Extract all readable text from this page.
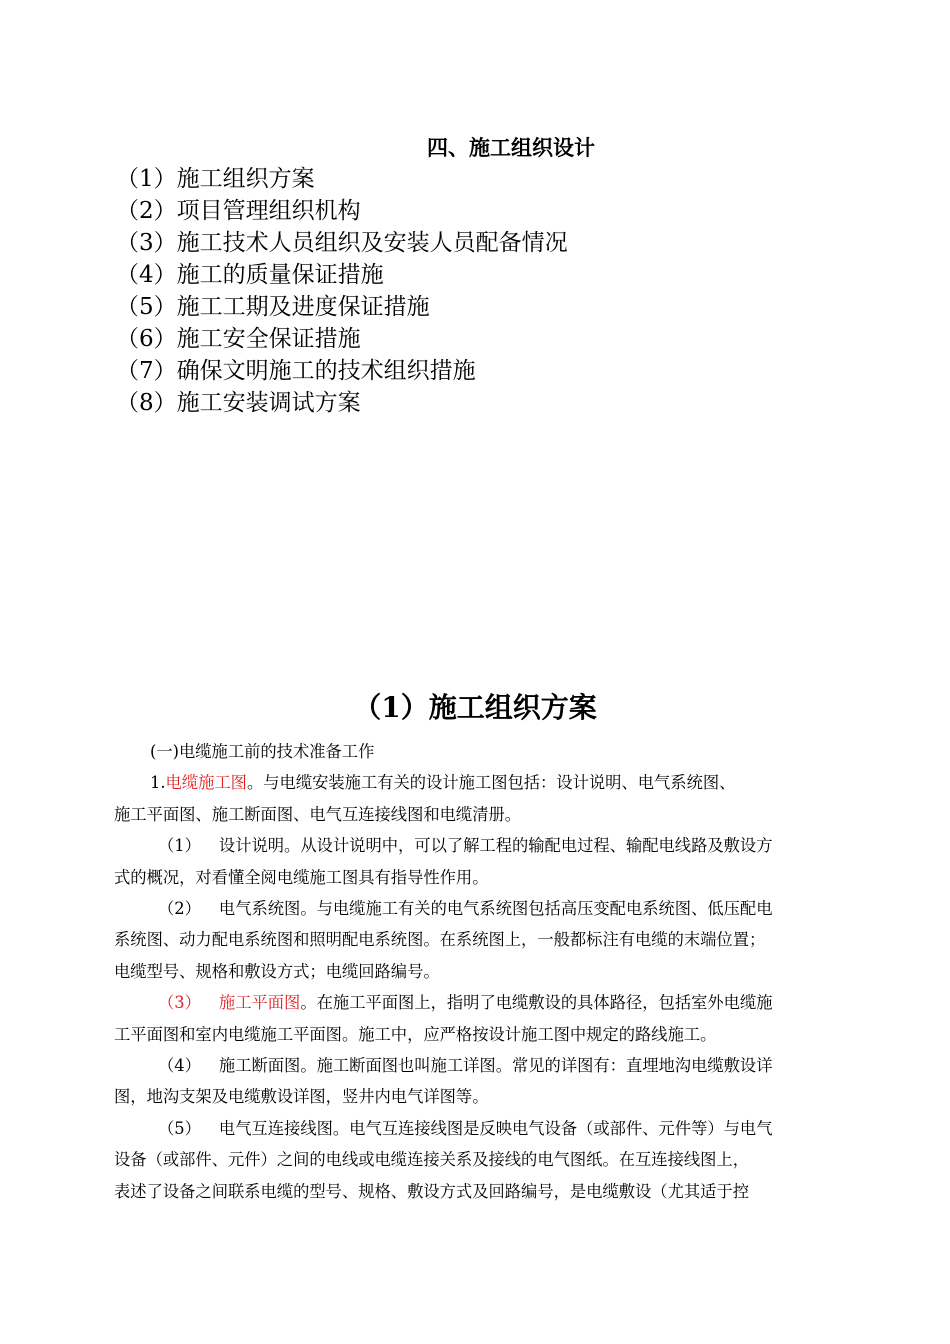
四、施工组织设计
（1）施工组织方案
（2）项目管理组织机构
（3）施工技术人员组织及安装人员配备情况
（4）施工的质量保证措施
（5）施工工期及进度保证措施
（6）施工安全保证措施
（7）确保文明施工的技术组织措施
（8）施工安装调试方案
（1）施工组织方案

(一)电缆施工前的技术准备工作

1.电缆施工图。与电缆安装施工有关的设计施工图包括：设计说明、电气系统图、

施工平面图、施工断面图、电气互连接线图和电缆清册。

（1） 设计说明。从设计说明中，可以了解工程的输配电过程、输配电线路及敷设方

式的概况，对看懂全阅电缆施工图具有指导性作用。

（2） 电气系统图。与电缆施工有关的电气系统图包括高压变配电系统图、低压配电

系统图、动力配电系统图和照明配电系统图。在系统图上，一般都标注有电缆的末端位置；

电缆型号、规格和敷设方式；电缆回路编号。

（3） 施工平面图。在施工平面图上，指明了电缆敷设的具体路径，包括室外电缆施

工平面图和室内电缆施工平面图。施工中，应严格按设计施工图中规定的路线施工。

（4） 施工断面图。施工断面图也叫施工详图。常见的详图有：直埋地沟电缆敷设详

图，地沟支架及电缆敷设详图，竖井内电气详图等。

（5） 电气互连接线图。电气互连接线图是反映电气设备（或部件、元件等）与电气

设备（或部件、元件）之间的电线或电缆连接关系及接线的电气图纸。在互连接线图上，

表述了设备之间联系电缆的型号、规格、敷设方式及回路编号，是电缆敷设（尤其适于控
